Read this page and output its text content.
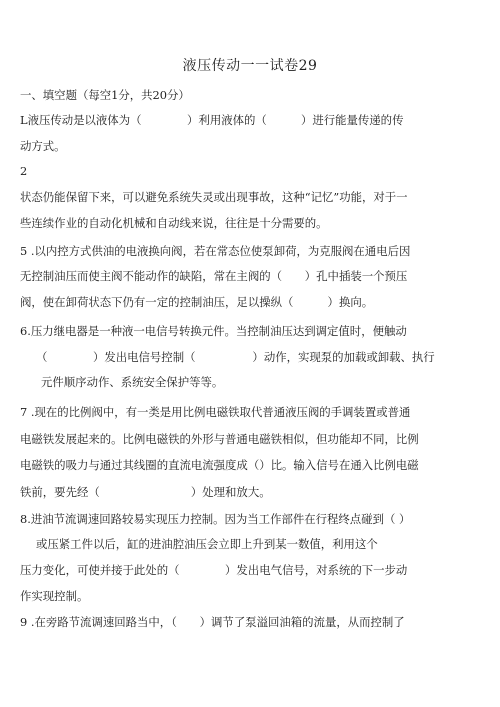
液压传动一一试卷29
一、填空题（每空1分，共20分）
L液压传动是以液体为（　　　　）利用液体的（　　　）进行能量传递的传
动方式。
2
状态仍能保留下来，可以避免系统失灵或出现事故，这种“记忆”功能，对于一
些连续作业的自动化机械和自动线来说，往往是十分需要的。
5 .以内控方式供油的电液换向阀，若在常态位使泵卸荷，为克服阀在通电后因
无控制油压而使主阀不能动作的缺陷，常在主阀的（　　）孔中插装一个预压
阀，使在卸荷状态下仍有一定的控制油压，足以操纵（　　　）换向。
6.压力继电器是一种液一电信号转换元件。当控制油压达到调定值时，便触动
（　　　　）发出电信号控制（　　　　　）动作，实现泵的加载或卸载、执行
元件顺序动作、系统安全保护等等。
7 .现在的比例阀中，有一类是用比例电磁铁取代普通液压阀的手调装置或普通
电磁铁发展起来的。比例电磁铁的外形与普通电磁铁相似，但功能却不同，比例
电磁铁的吸力与通过其线圈的直流电流强度成（）比。输入信号在通入比例电磁
铁前，要先经（　　　　　　　　）处理和放大。
8.进油节流调速回路较易实现压力控制。因为当工作部件在行程终点碰到（ ）
或压紧工件以后，缸的进油腔油压会立即上升到某一数值，利用这个
压力变化，可使并接于此处的（　　　　）发出电气信号，对系统的下一步动
作实现控制。
9 .在旁路节流调速回路当中，（　　）调节了泵溢回油箱的流量，从而控制了
